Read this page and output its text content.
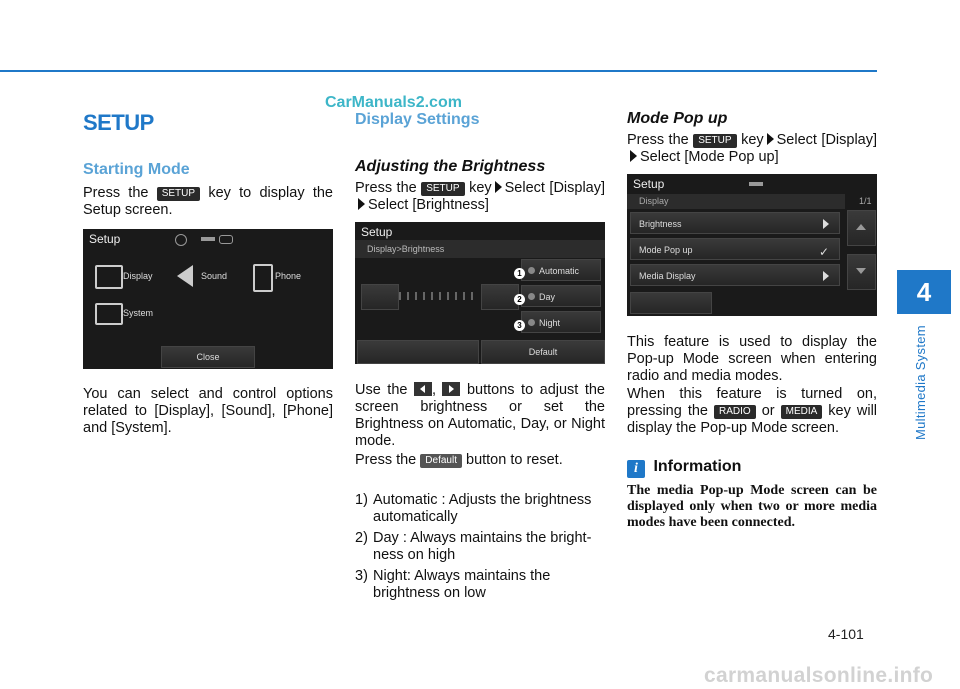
CarManuals2.com
carmanualsonline.info
4
Multimedia System
4-101
SETUP
Starting Mode
Press the SETUP key to display the Setup screen.
Setup
Display	Sound	Phone
System
Close
You can select and control options related to [Display], [Sound], [Phone] and [System].
Display Settings
Adjusting the Brightness
Press the SETUP key Select [Display] Select [Brightness]
Setup
Display>Brightness
Automatic
Day
Night
1
2
3
Default
Use the , buttons to adjust the screen brightness or set the Brightness on Automatic, Day, or Night mode.
Press the Default button to reset.
1) Automatic : Adjusts the brightness automatically
2) Day : Always maintains the bright- ness on high
3) Night: Always maintains the brightness on low
Mode Pop up
Press the SETUP key Select [Display] Select [Mode Pop up]
Setup
Display	1/1
Brightness
Mode Pop up	✓
Media Display
This feature is used to display the Pop-up Mode screen when entering radio and media modes.
When this feature is turned on, pressing the RADIO or MEDIA key will display the Pop-up Mode screen.
i Information
The media Pop-up Mode screen can be displayed only when two or more media modes have been connected.
